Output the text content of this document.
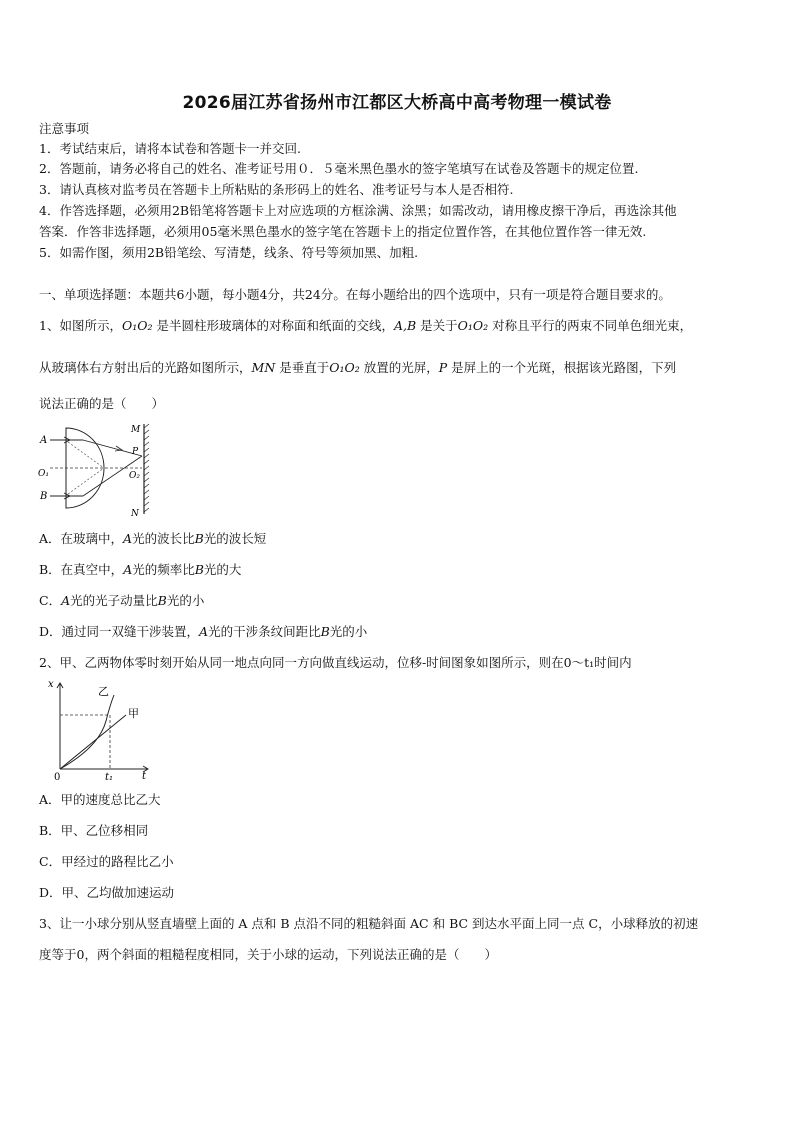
2026届江苏省扬州市江都区大桥高中高考物理一模试卷
注意事项
1．考试结束后，请将本试卷和答题卡一并交回.
2．答题前，请务必将自己的姓名、准考证号用０．５毫米黑色墨水的签字笔填写在试卷及答题卡的规定位置.
3．请认真核对监考员在答题卡上所粘贴的条形码上的姓名、准考证号与本人是否相符.
4．作答选择题，必须用2B铅笔将答题卡上对应选项的方框涂满、涂黑；如需改动，请用橡皮擦干净后，再选涂其他
答案．作答非选择题，必须用05毫米黑色墨水的签字笔在答题卡上的指定位置作答，在其他位置作答一律无效.
5．如需作图，须用2B铅笔绘、写清楚，线条、符号等须加黑、加粗.
一、单项选择题：本题共6小题，每小题4分，共24分。在每小题给出的四个选项中，只有一项是符合题目要求的。
1、如图所示，O₁O₂ 是半圆柱形玻璃体的对称面和纸面的交线，A,B 是关于O₁O₂ 对称且平行的两束不同单色细光束，
从玻璃体右方射出后的光路如图所示，MN 是垂直于O₁O₂ 放置的光屏，P 是屏上的一个光斑，根据该光路图，下列
说法正确的是（　　）
A
O₁
B
M
P
O₂
N
A．在玻璃中，A光的波长比B光的波长短
B．在真空中，A光的频率比B光的大
C．A光的光子动量比B光的小
D．通过同一双缝干涉装置，A光的干涉条纹间距比B光的小
2、甲、乙两物体零时刻开始从同一地点向同一方向做直线运动，位移-时间图象如图所示，则在0～t₁时间内
x
t
0	t₁
乙
甲
A．甲的速度总比乙大
B．甲、乙位移相同
C．甲经过的路程比乙小
D．甲、乙均做加速运动
3、让一小球分别从竖直墙壁上面的 A 点和 B 点沿不同的粗糙斜面 AC 和 BC 到达水平面上同一点 C，小球释放的初速
度等于0，两个斜面的粗糙程度相同，关于小球的运动，下列说法正确的是（　　）
